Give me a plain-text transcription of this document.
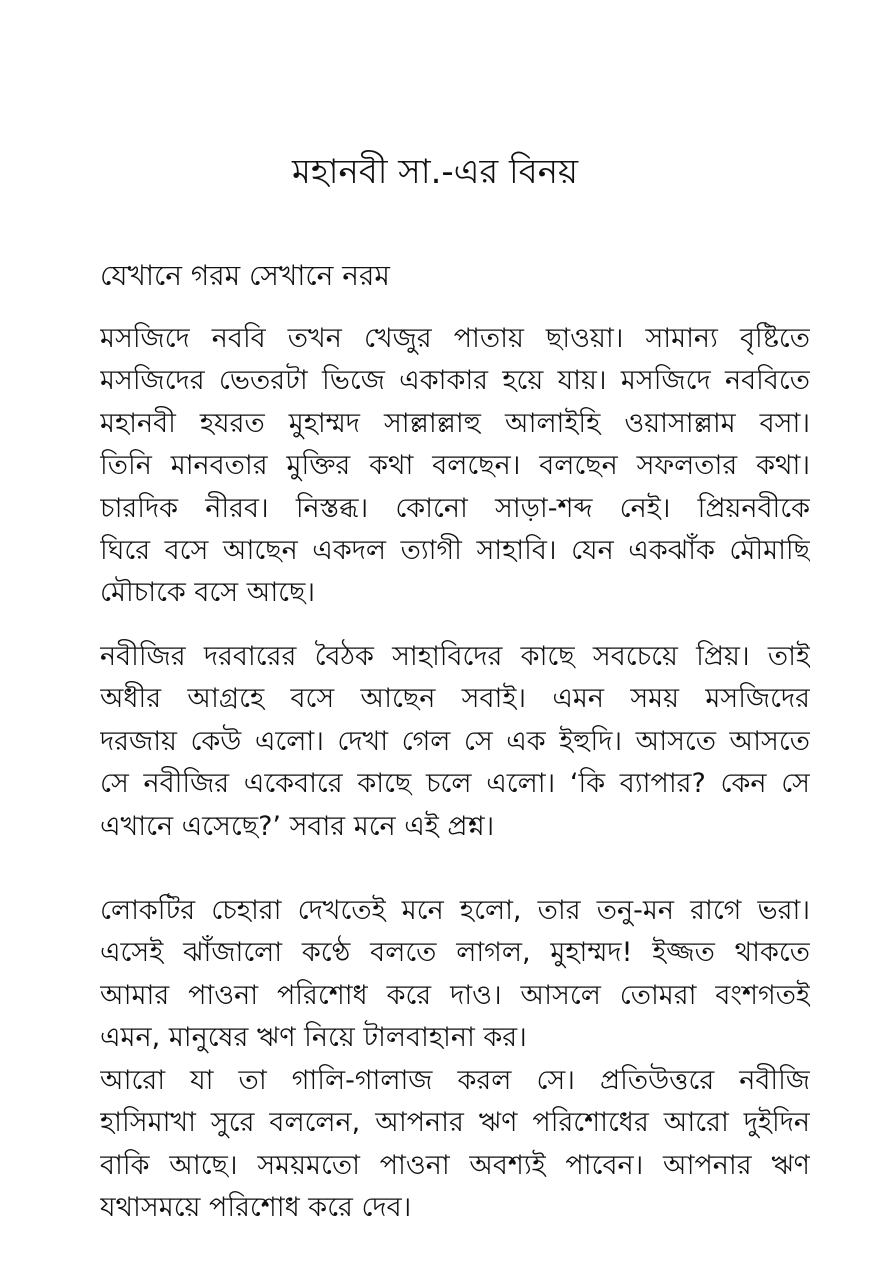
মহানবী সা.-এর বিনয়
যেখানে গরম সেখানে নরম
মসজিদে নববি তখন খেজুর পাতায় ছাওয়া। সামান্য বৃষ্টিতে
মসজিদের ভেতরটা ভিজে একাকার হয়ে যায়। মসজিদে নববিতে
মহানবী হযরত মুহাম্মদ সাল্লাল্লাহু আলাইহি ওয়াসাল্লাম বসা।
তিনি মানবতার মুক্তির কথা বলছেন। বলছেন সফলতার কথা।
চারদিক নীরব। নিস্তব্ধ। কোনো সাড়া-শব্দ নেই। প্রিয়নবীকে
ঘিরে বসে আছেন একদল ত্যাগী সাহাবি। যেন একঝাঁক মৌমাছি
মৌচাকে বসে আছে।
নবীজির দরবারের বৈঠক সাহাবিদের কাছে সবচেয়ে প্রিয়। তাই
অধীর আগ্রহে বসে আছেন সবাই। এমন সময় মসজিদের
দরজায় কেউ এলো। দেখা গেল সে এক ইহুদি। আসতে আসতে
সে নবীজির একেবারে কাছে চলে এলো। ‘কি ব্যাপার? কেন সে
এখানে এসেছে?’ সবার মনে এই প্রশ্ন।
লোকটির চেহারা দেখতেই মনে হলো, তার তনু-মন রাগে ভরা।
এসেই ঝাঁজালো কণ্ঠে বলতে লাগল, মুহাম্মদ! ইজ্জত থাকতে
আমার পাওনা পরিশোধ করে দাও। আসলে তোমরা বংশগতই
এমন, মানুষের ঋণ নিয়ে টালবাহানা কর।
আরো যা তা গালি-গালাজ করল সে। প্রতিউত্তরে নবীজি
হাসিমাখা সুরে বললেন, আপনার ঋণ পরিশোধের আরো দুইদিন
বাকি আছে। সময়মতো পাওনা অবশ্যই পাবেন। আপনার ঋণ
যথাসময়ে পরিশোধ করে দেব।
